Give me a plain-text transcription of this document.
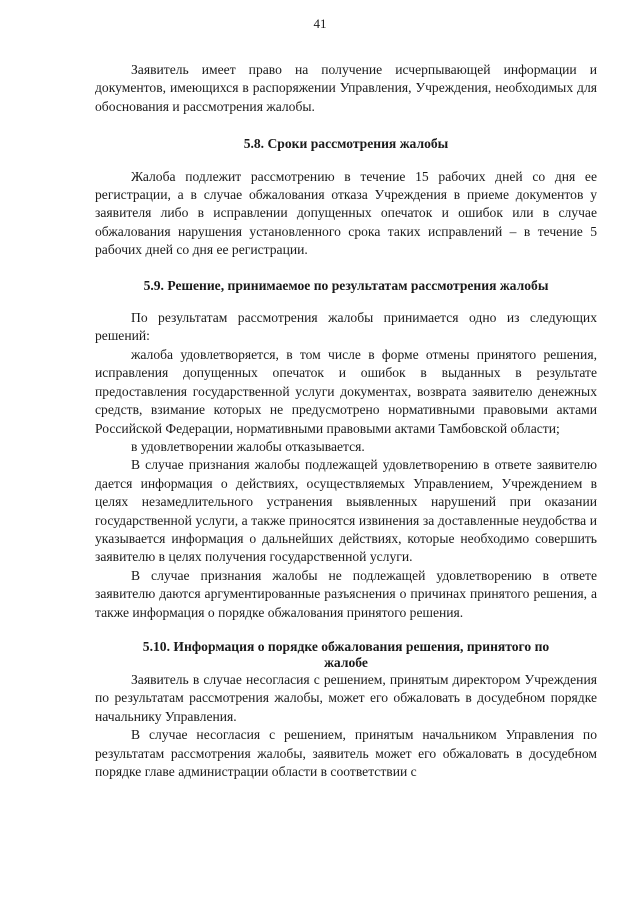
41

Заявитель имеет право на получение исчерпывающей информации и документов, имеющихся в распоряжении Управления, Учреждения, необходимых для обоснования и рассмотрения жалобы.

5.8. Сроки рассмотрения жалобы

Жалоба подлежит рассмотрению в течение 15 рабочих дней со дня ее регистрации, а в случае обжалования отказа Учреждения в приеме документов у заявителя либо в исправлении допущенных опечаток и ошибок или в случае обжалования нарушения установленного срока таких исправлений – в течение 5 рабочих дней со дня ее регистрации.

5.9. Решение, принимаемое по результатам рассмотрения жалобы

По результатам рассмотрения жалобы принимается одно из следующих решений:

жалоба удовлетворяется, в том числе в форме отмены принятого решения, исправления допущенных опечаток и ошибок в выданных в результате предоставления государственной услуги документах, возврата заявителю денежных средств, взимание которых не предусмотрено нормативными правовыми актами Российской Федерации, нормативными правовыми актами Тамбовской области;

в удовлетворении жалобы отказывается.

В случае признания жалобы подлежащей удовлетворению в ответе заявителю дается информация о действиях, осуществляемых Управлением, Учреждением в целях незамедлительного устранения выявленных нарушений при оказании государственной услуги, а также приносятся извинения за доставленные неудобства и указывается информация о дальнейших действиях, которые необходимо совершить заявителю в целях получения государственной услуги.

В случае признания жалобы не подлежащей удовлетворению в ответе заявителю даются аргументированные разъяснения о причинах принятого решения, а также информация о порядке обжалования принятого решения.

5.10. Информация о порядке обжалования решения, принятого по
жалобе

Заявитель в случае несогласия с решением, принятым директором Учреждения по результатам рассмотрения жалобы, может его обжаловать в досудебном порядке начальнику Управления.

В случае несогласия с решением, принятым начальником Управления по результатам рассмотрения жалобы, заявитель может его обжаловать в досудебном порядке главе администрации области в соответствии с
